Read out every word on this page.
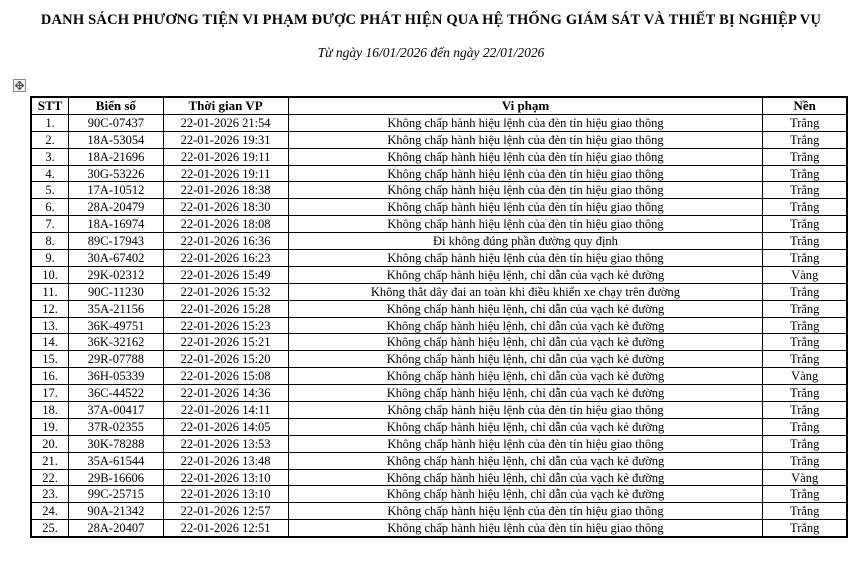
DANH SÁCH PHƯƠNG TIỆN VI PHẠM ĐƯỢC PHÁT HIỆN QUA HỆ THỐNG GIÁM SÁT VÀ THIẾT BỊ NGHIỆP VỤ

Từ ngày 16/01/2026 đến ngày 22/01/2026

STT	Biển số	Thời gian VP	Vi phạm	Nền
1.	90C-07437	22-01-2026 21:54	Không chấp hành hiệu lệnh của đèn tín hiệu giao thông	Trắng
2.	18A-53054	22-01-2026 19:31	Không chấp hành hiệu lệnh của đèn tín hiệu giao thông	Trắng
3.	18A-21696	22-01-2026 19:11	Không chấp hành hiệu lệnh của đèn tín hiệu giao thông	Trắng
4.	30G-53226	22-01-2026 19:11	Không chấp hành hiệu lệnh của đèn tín hiệu giao thông	Trắng
5.	17A-10512	22-01-2026 18:38	Không chấp hành hiệu lệnh của đèn tín hiệu giao thông	Trắng
6.	28A-20479	22-01-2026 18:30	Không chấp hành hiệu lệnh của đèn tín hiệu giao thông	Trắng
7.	18A-16974	22-01-2026 18:08	Không chấp hành hiệu lệnh của đèn tín hiệu giao thông	Trắng
8.	89C-17943	22-01-2026 16:36	Đi không đúng phần đường quy định	Trắng
9.	30A-67402	22-01-2026 16:23	Không chấp hành hiệu lệnh của đèn tín hiệu giao thông	Trắng
10.	29K-02312	22-01-2026 15:49	Không chấp hành hiệu lệnh, chỉ dẫn của vạch kẻ đường	Vàng
11.	90C-11230	22-01-2026 15:32	Không thắt dây đai an toàn khi điều khiển xe chạy trên đường	Trắng
12.	35A-21156	22-01-2026 15:28	Không chấp hành hiệu lệnh, chỉ dẫn của vạch kẻ đường	Trắng
13.	36K-49751	22-01-2026 15:23	Không chấp hành hiệu lệnh, chỉ dẫn của vạch kẻ đường	Trắng
14.	36K-32162	22-01-2026 15:21	Không chấp hành hiệu lệnh, chỉ dẫn của vạch kẻ đường	Trắng
15.	29R-07788	22-01-2026 15:20	Không chấp hành hiệu lệnh, chỉ dẫn của vạch kẻ đường	Trắng
16.	36H-05339	22-01-2026 15:08	Không chấp hành hiệu lệnh, chỉ dẫn của vạch kẻ đường	Vàng
17.	36C-44522	22-01-2026 14:36	Không chấp hành hiệu lệnh, chỉ dẫn của vạch kẻ đường	Trắng
18.	37A-00417	22-01-2026 14:11	Không chấp hành hiệu lệnh của đèn tín hiệu giao thông	Trắng
19.	37R-02355	22-01-2026 14:05	Không chấp hành hiệu lệnh, chỉ dẫn của vạch kẻ đường	Trắng
20.	30K-78288	22-01-2026 13:53	Không chấp hành hiệu lệnh của đèn tín hiệu giao thông	Trắng
21.	35A-61544	22-01-2026 13:48	Không chấp hành hiệu lệnh, chỉ dẫn của vạch kẻ đường	Trắng
22.	29B-16606	22-01-2026 13:10	Không chấp hành hiệu lệnh, chỉ dẫn của vạch kẻ đường	Vàng
23.	99C-25715	22-01-2026 13:10	Không chấp hành hiệu lệnh, chỉ dẫn của vạch kẻ đường	Trắng
24.	90A-21342	22-01-2026 12:57	Không chấp hành hiệu lệnh của đèn tín hiệu giao thông	Trắng
25.	28A-20407	22-01-2026 12:51	Không chấp hành hiệu lệnh của đèn tín hiệu giao thông	Trắng
